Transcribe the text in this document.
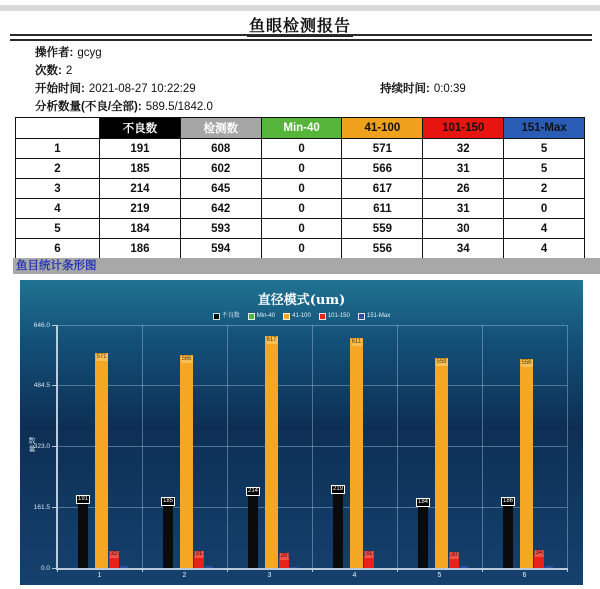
鱼眼检测报告
操作者: gcyg
次数: 2
开始时间: 2021-08-27 10:22:29	持续时间: 0:0:39
分析数量(不良/全部): 589.5/1842.0
	不良数	检测数	Min-40	41-100	101-150	151-Max
1	191	608	0	571	32	5
2	185	602	0	566	31	5
3	214	645	0	617	26	2
4	219	642	0	611	31	0
5	184	593	0	559	30	4
6	186	594	0	556	34	4
鱼目统计条形图
直径模式(um)
不良数	Min-40	41-100	101-150	151-Max
0.0
161.5
323.0
484.5
646.0
1	2	3	4	5	6
191	185
214	219
184	186
571	566
617	611
559	556
32	31	26	31	30	34
数量
